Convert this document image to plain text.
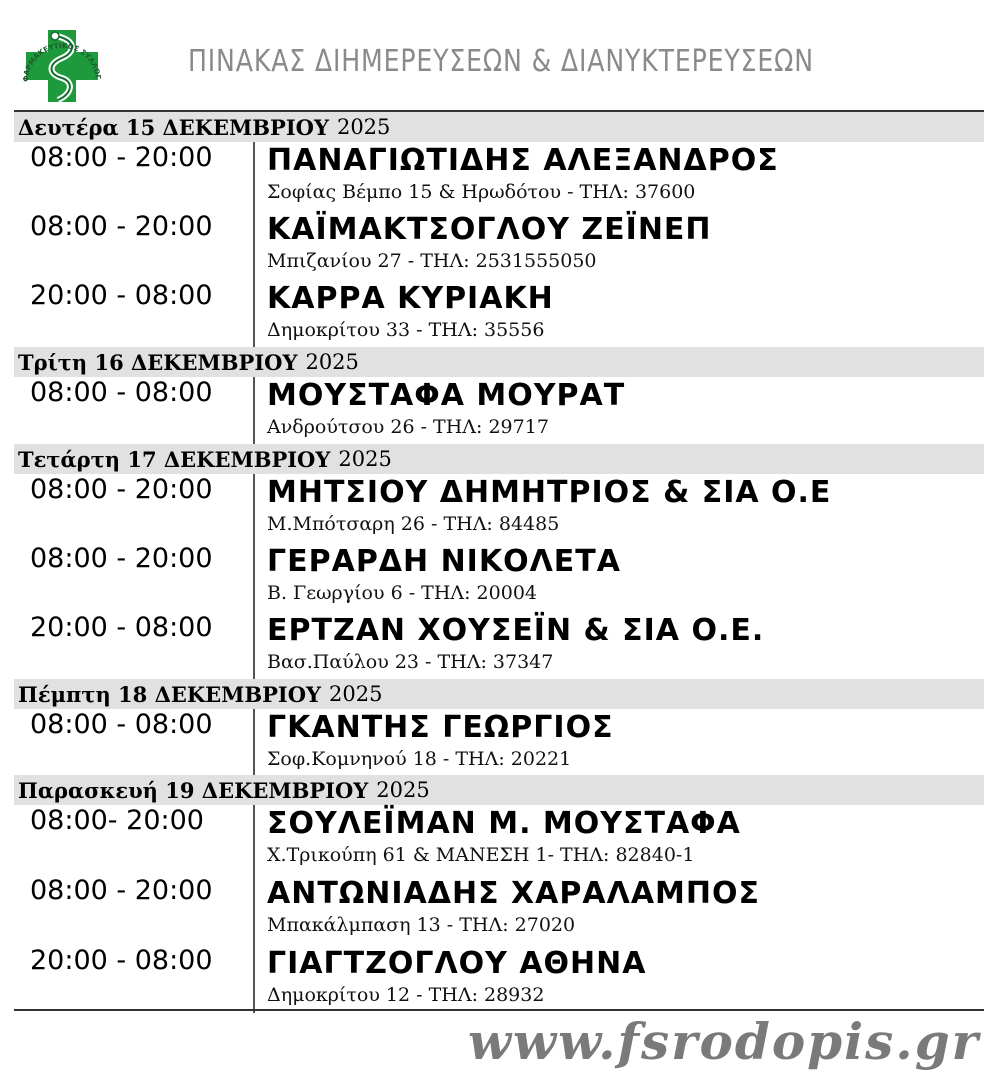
ΦΑΡΜΑΚΕΥΤΙΚΟΣ ΣΥΛΛΟΓ	ΠΙΝΑΚΑΣ ΔΙΗΜΕΡΕΥΣΕΩΝ & ΔΙΑΝΥΚΤΕΡΕΥΣΕΩΝ
Δευτέρα 15 ΔΕΚΕΜΒΡΙΟΥ 2025
08:00 - 20:00	ΠΑΝΑΓΙΩΤΙΔΗΣ ΑΛΕΞΑΝΔΡΟΣ
Σοφίας Βέμπο 15 & Ηρωδότου - ΤΗΛ: 37600
08:00 - 20:00	ΚΑΪΜΑΚΤΣΟΓΛΟΥ ΖΕΪΝΕΠ
Μπιζανίου 27 - ΤΗΛ: 2531555050
20:00 - 08:00	ΚΑΡΡΑ ΚΥΡΙΑΚΗ
Δημοκρίτου 33 - ΤΗΛ: 35556
Τρίτη 16 ΔΕΚΕΜΒΡΙΟΥ 2025
08:00 - 08:00	ΜΟΥΣΤΑΦΑ ΜΟΥΡΑΤ
Ανδρούτσου 26 - ΤΗΛ: 29717
Τετάρτη 17 ΔΕΚΕΜΒΡΙΟΥ 2025
08:00 - 20:00	ΜΗΤΣΙΟΥ ΔΗΜΗΤΡΙΟΣ & ΣΙΑ Ο.Ε
Μ.Μπότσαρη 26 - ΤΗΛ: 84485
08:00 - 20:00	ΓΕΡΑΡΔΗ ΝΙΚΟΛΕΤΑ
Β. Γεωργίου 6 - ΤΗΛ: 20004
20:00 - 08:00	ΕΡΤΖΑΝ ΧΟΥΣΕΪΝ & ΣΙΑ Ο.Ε.
Βασ.Παύλου 23 - ΤΗΛ: 37347
Πέμπτη 18 ΔΕΚΕΜΒΡΙΟΥ 2025
08:00 - 08:00	ΓΚΑΝΤΗΣ ΓΕΩΡΓΙΟΣ
Σοφ.Κομνηνού 18 - ΤΗΛ: 20221
Παρασκευή 19 ΔΕΚΕΜΒΡΙΟΥ 2025
08:00- 20:00	ΣΟΥΛΕΪΜΑΝ Μ. ΜΟΥΣΤΑΦΑ
Χ.Τρικούπη 61 & ΜΑΝΕΣΗ 1- ΤΗΛ: 82840-1
08:00 - 20:00	ΑΝΤΩΝΙΑΔΗΣ ΧΑΡΑΛΑΜΠΟΣ
Μπακάλμπαση 13 - ΤΗΛ: 27020
20:00 - 08:00	ΓΙΑΓΤΖΟΓΛΟΥ ΑΘΗΝΑ
Δημοκρίτου 12 - ΤΗΛ: 28932
www.fsrodopis.gr
